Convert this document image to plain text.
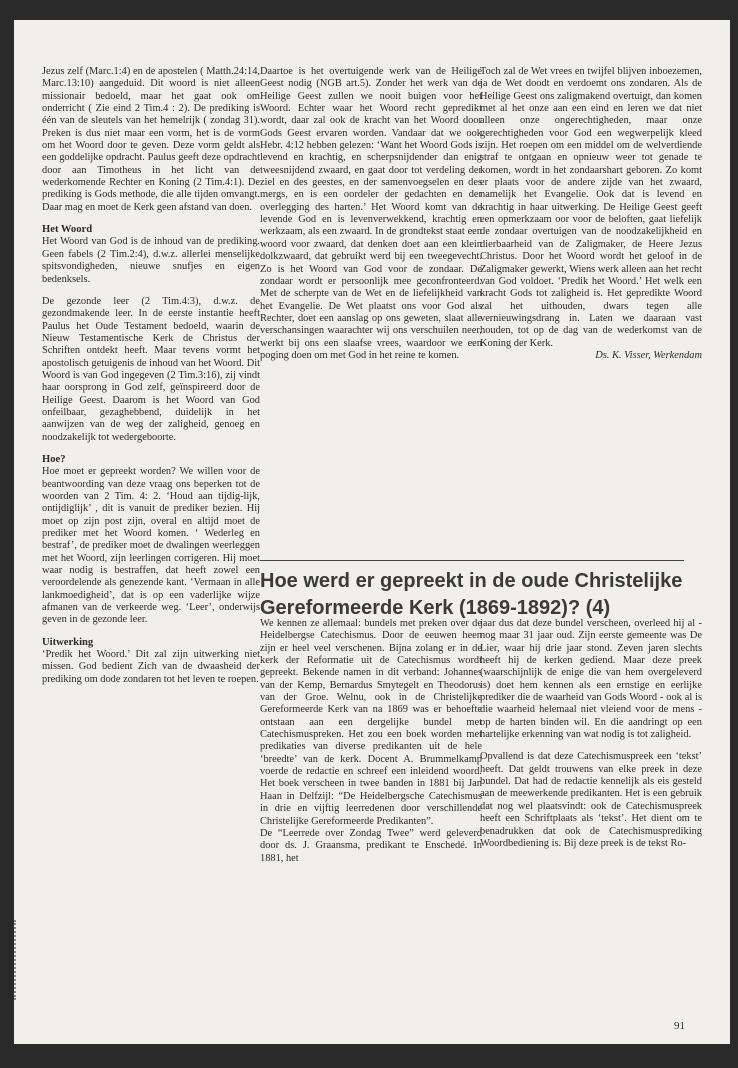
Jezus zelf (Marc.1:4) en de apostelen ( Matth.24:14, Marc.13:10) aangeduid. Dit woord is niet alleen missionair bedoeld, maar het gaat ook om onderricht ( Zie eind 2 Tim.4 : 2). De prediking is één van de sleutels van het hemelrijk ( zondag 31). Preken is dus niet maar een vorm, het is de vorm om het Woord door te geven. Deze vorm geldt als een goddelijke opdracht. Paulus geeft deze opdracht door aan Timotheus in het licht van de wederkomende Rechter en Koning (2 Tim.4:1). De prediking is Gods methode, die alle tijden omvangt. Daar mag en moet de Kerk geen afstand van doen.

Het Woord

Het Woord van God is de inhoud van de prediking. Geen fabels (2 Tim.2:4), d.w.z. allerlei menselijke spitsvondigheden, nieuwe snufjes en eigen bedenksels.

De gezonde leer (2 Tim.4:3), d.w.z. de gezondmakende leer. In de eerste instantie heeft Paulus het Oude Testament bedoeld, waarin de Nieuw Testamentische Kerk de Christus der Schriften ontdekt heeft. Maar tevens vormt het apostolisch getuigenis de inhoud van het Woord. Dit Woord is van God ingegeven (2 Tim.3:16), zij vindt haar oorsprong in God zelf, geïnspireerd door de Heilige Geest. Daarom is het Woord van God onfeilbaar, gezaghebbend, duidelijk in het aanwijzen van de weg der zaligheid, genoeg en noodzakelijk tot wedergeboorte.

Hoe?

Hoe moet er gepreekt worden? We willen voor de beantwoording van deze vraag ons beperken tot de woorden van 2 Tim. 4: 2. ‘Houd aan tijdig-lijk, ontijdiglijk’ , dit is vanuit de prediker bezien. Hij moet op zijn post zijn, overal en altijd moet de prediker met het Woord komen. ‘ Wederleg en bestraf’, de prediker moet de dwalingen weerleggen met het Woord, zijn leerlingen corrigeren. Hij moet waar nodig is bestraffen, dat heeft zowel een veroordelende als genezende kant. ‘Vermaan in alle lankmoedigheid’, dat is op een vaderlijke wijze afmanen van de verkeerde weg. ‘Leer’, onderwijs geven in de gezonde leer.

Uitwerking

‘Predik het Woord.’ Dit zal zijn uitwerking niet missen. God bedient Zich van de dwaasheid der prediking om dode zondaren tot het leven te roepen.

Daartoe is het overtuigende werk van de Heilige Geest nodig (NGB art.5). Zonder het werk van de Heilige Geest zullen we nooit buigen voor het Woord. Echter waar het Woord recht gepredikt wordt, daar zal ook de kracht van het Woord door Gods Geest ervaren worden. Vandaar dat we ook Hebr. 4:12 hebben gelezen: ‘Want het Woord Gods is levend en krachtig, en scherpsnijdender dan enig tweesnijdend zwaard, en gaat door tot verdeling der ziel en des geestes, en der samenvoegselen en des mergs, en is een oordeler der gedachten en der overlegging des harten.’ Het Woord komt van de levende God en is levenverwekkend, krachtig en werkzaam, als een zwaard. In de grondtekst staat een woord voor zwaard, dat denken doet aan een klein dolkzwaard, dat gebruikt werd bij een tweegevecht. Zo is het Woord van God voor de zondaar. De zondaar wordt er persoonlijk mee geconfronteerd. Met de scherpte van de Wet en de liefelijkheid van het Evangelie. De Wet plaatst ons voor God als Rechter, doet een aanslag op ons geweten, slaat alle verschansingen waarachter wij ons verschuilen neer, werkt bij ons een slaafse vrees, waardoor we een poging doen om met God in het reine te komen.

Toch zal de Wet vrees en twijfel blijven inboezemen, ja de Wet doodt en verdoemt ons zondaren. Als de Heilige Geest ons zaligmakend overtuigt, dan komen met al het onze aan een eind en leren we dat niet alleen onze ongerechtigheden, maar onze gerechtigheden voor God een wegwerpelijk kleed zijn. Het roepen om een middel om de welverdiende straf te ontgaan en opnieuw weer tot genade te komen, wordt in het zondaarshart geboren. Zo komt er plaats voor de andere zijde van het zwaard, namelijk het Evangelie. Ook dat is levend en krachtig in haar uitwerking. De Heilige Geest geeft een opmerkzaam oor voor de beloften, gaat liefelijk de zondaar overtuigen van de noodzakelijkheid en dierbaarheid van de Zaligmaker, de Heere Jezus Christus. Door het Woord wordt het geloof in de Zaligmaker gewerkt, Wiens werk alleen aan het recht van God voldoet. ‘Predik het Woord.’ Het welk een kracht Gods tot zaligheid is. Het gepredikte Woord zal het uithouden, dwars tegen alle vernieuwingsdrang in. Laten we daaraan vast houden, tot op de dag van de wederkomst van de Koning der Kerk.

Ds. K. Visser, Werkendam
Hoe werd er gepreekt in de oude Christelijke Gereformeerde Kerk (1869-1892)? (4)

We kennen ze allemaal: bundels met preken over de Heidelbergse Catechismus. Door de eeuwen heen zijn er heel veel verschenen. Bijna zolang er in de kerk der Reformatie uit de Catechismus wordt gepreekt. Bekende namen in dit verband: Johannes van der Kemp, Bernardus Smytegelt en Theodorus van der Groe. Welnu, ook in de Christelijke Gereformeerde Kerk van na 1869 was er behoefte ontstaan aan een dergelijke bundel met Catechismuspreken. Het zou een boek worden met predikaties van diverse predikanten uit de hele ‘breedte’ van de kerk. Docent A. Brummelkamp voerde de redactie en schreef een inleidend woord. Het boek verscheen in twee banden in 1881 bij Jan Haan in Delfzijl: “De Heidelbergsche Catechismus in drie en vijftig leerredenen door verschillende Christelijke Gereformeerde Predikanten”.

De “Leerrede over Zondag Twee” werd geleverd door ds. J. Graansma, predikant te Enschedé. In 1881, het

jaar dus dat deze bundel verscheen, overleed hij al - nog maar 31 jaar oud. Zijn eerste gemeente was De Lier, waar hij drie jaar stond. Zeven jaren slechts heeft hij de kerken gediend. Maar deze preek (waarschijnlijk de enige die van hem overgeleverd is) doet hem kennen als een ernstige en eerlijke prediker die de waarheid van Gods Woord - ook al is die waarheid helemaal niet vleiend voor de mens - op de harten binden wil. En die aandringt op een hartelijke erkenning van wat nodig is tot zaligheid.

Opvallend is dat deze Catechismuspreek een ‘tekst’ heeft. Dat geldt trouwens van elke preek in deze bundel. Dat had de redactie kennelijk als eis gesteld aan de meewerkende predikanten. Het is een gebruik dat nog wel plaatsvindt: ook de Catechismuspreek heeft een Schriftplaats als ‘tekst’. Het dient om te benadrukken dat ook de Catechismusprediking Woordbediening is. Bij deze preek is de tekst Ro-

91
